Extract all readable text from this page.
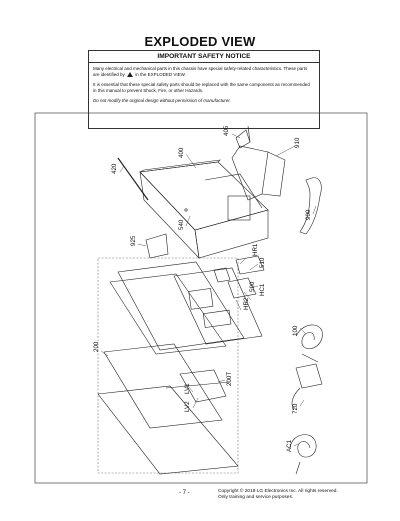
EXPLODED VIEW
IMPORTANT SAFETY NOTICE

Many electrical and mechanical parts in this chassis have special safety-related characteristics. These parts

are identified by in the EXPLODED VIEW.

It is essential that these special safety parts should be replaced with the same components as recommended

in this manual to prevent Shock, Fire, or other Hazards.

Do not modify the original design without permission of manufacturer.

405
910
400
420
540
900
925
HR1
510
590 HC1
HR2
100
200
200T
LV1
LV2	720
AC1
- 7 -	Copyright © 2018 LG Electronics Inc. All rights reserved.
Only training and service purposes.
